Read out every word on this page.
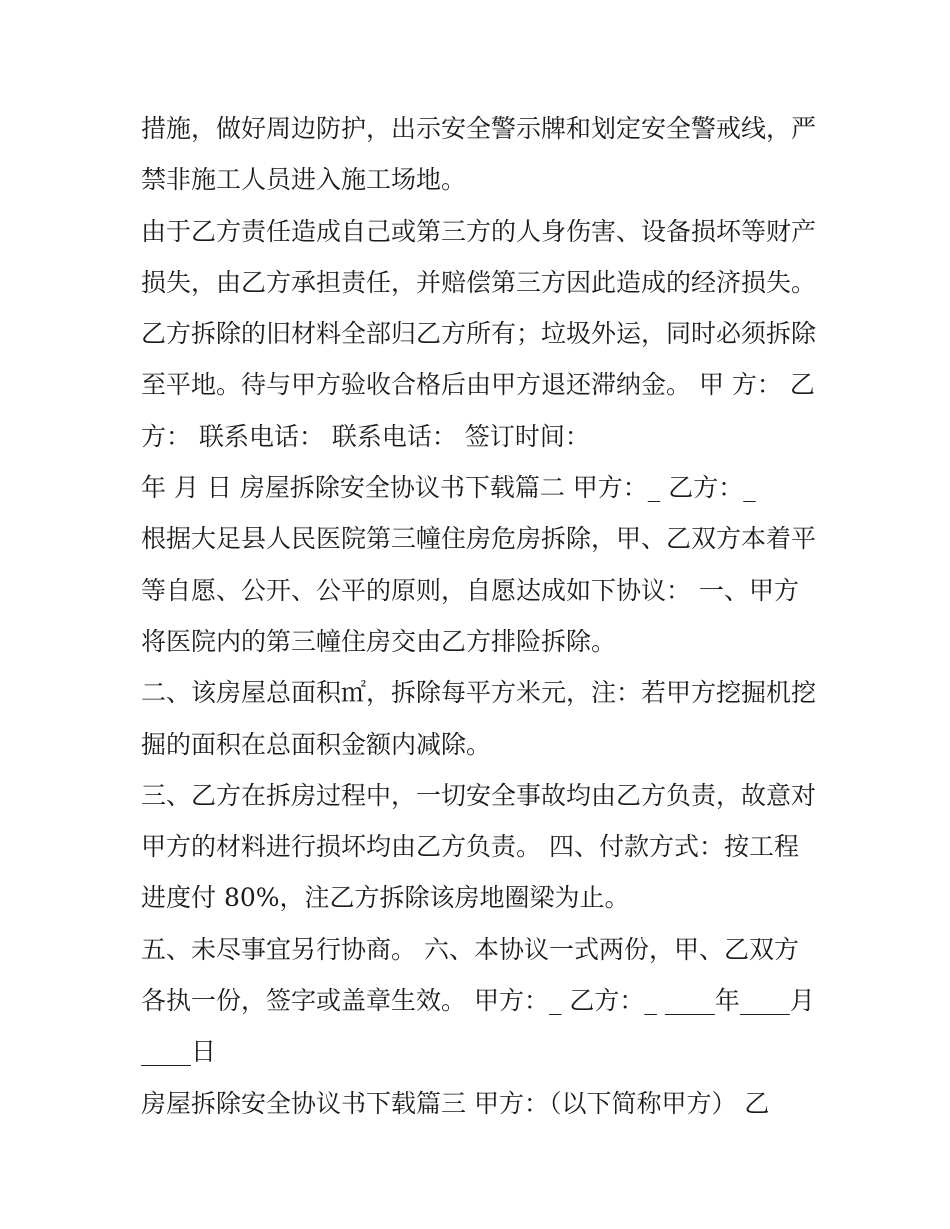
措施，做好周边防护，出示安全警示牌和划定安全警戒线，严
禁非施工人员进入施工场地。
由于乙方责任造成自己或第三方的人身伤害、设备损坏等财产
损失，由乙方承担责任，并赔偿第三方因此造成的经济损失。
乙方拆除的旧材料全部归乙方所有；垃圾外运，同时必须拆除
至平地。待与甲方验收合格后由甲方退还滞纳金。 甲 方： 乙
方： 联系电话： 联系电话： 签订时间：
年 月 日 房屋拆除安全协议书下载篇二 甲方：_ 乙方：_
根据大足县人民医院第三幢住房危房拆除，甲、乙双方本着平
等自愿、公开、公平的原则，自愿达成如下协议： 一、甲方
将医院内的第三幢住房交由乙方排险拆除。
二、该房屋总面积㎡，拆除每平方米元，注：若甲方挖掘机挖
掘的面积在总面积金额内减除。
三、乙方在拆房过程中，一切安全事故均由乙方负责，故意对
甲方的材料进行损坏均由乙方负责。 四、付款方式：按工程
进度付 80%，注乙方拆除该房地圈梁为止。
五、未尽事宜另行协商。 六、本协议一式两份，甲、乙双方
各执一份，签字或盖章生效。 甲方：_ 乙方：_ ____年____月
____日
房屋拆除安全协议书下载篇三 甲方：（以下简称甲方） 乙
